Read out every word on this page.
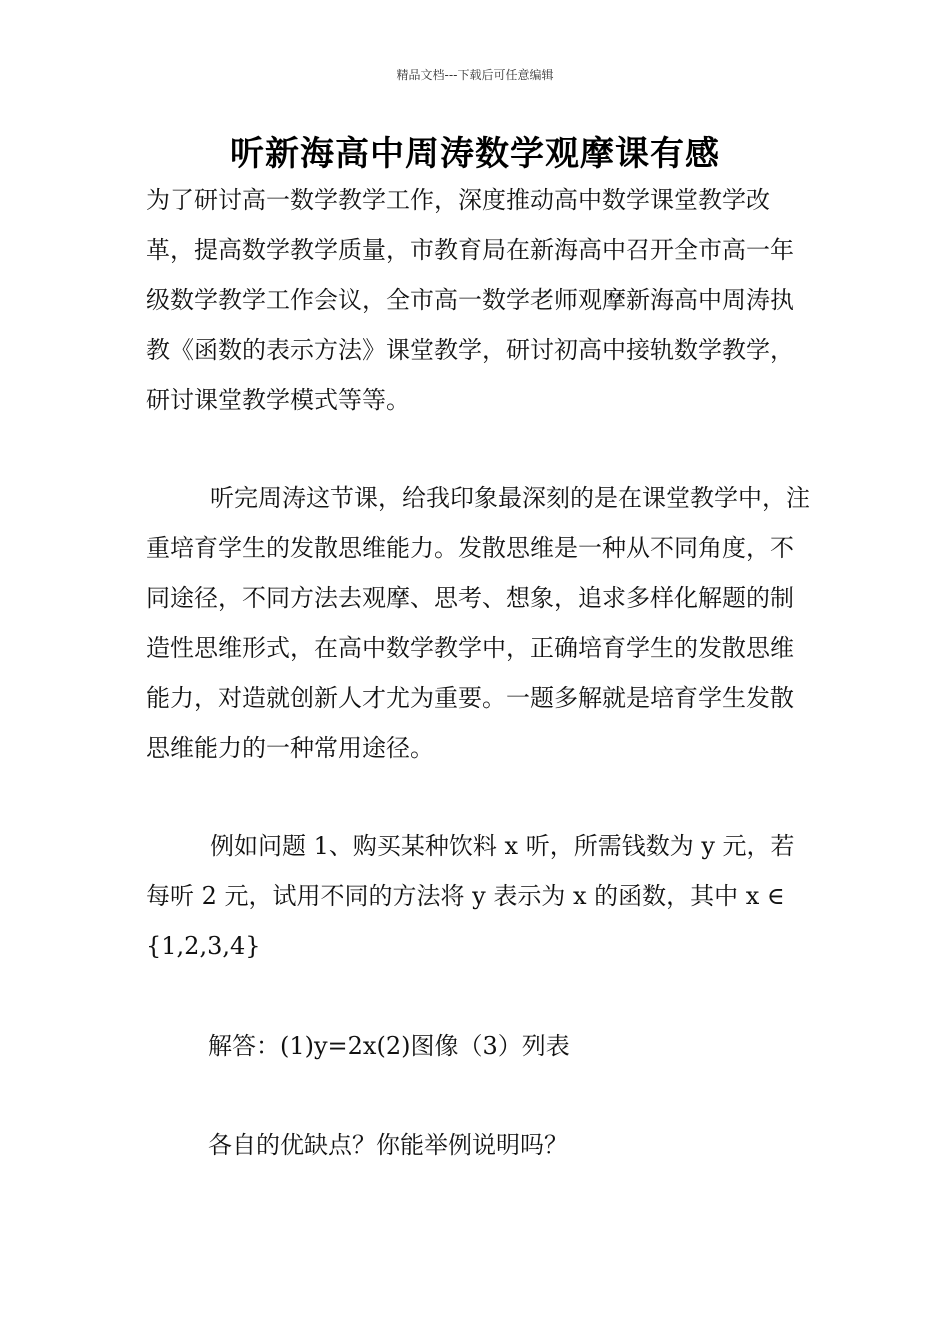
精品文档---下载后可任意编辑
听新海高中周涛数学观摩课有感

为了研讨高一数学教学工作，深度推动高中数学课堂教学改革，提高数学教学质量，市教育局在新海高中召开全市高一年级数学教学工作会议，全市高一数学老师观摩新海高中周涛执教《函数的表示方法》课堂教学，研讨初高中接轨数学教学，研讨课堂教学模式等等。

听完周涛这节课，给我印象最深刻的是在课堂教学中，注重培育学生的发散思维能力。发散思维是一种从不同角度，不同途径，不同方法去观摩、思考、想象，追求多样化解题的制造性思维形式，在高中数学教学中，正确培育学生的发散思维能力，对造就创新人才尤为重要。一题多解就是培育学生发散思维能力的一种常用途径。

例如问题 1、购买某种饮料 x 听，所需钱数为 y 元，若每听 2 元，试用不同的方法将 y 表示为 x 的函数，其中 x ∈ {1,2,3,4}

解答：(1)y=2x(2)图像（3）列表

各自的优缺点？你能举例说明吗？
